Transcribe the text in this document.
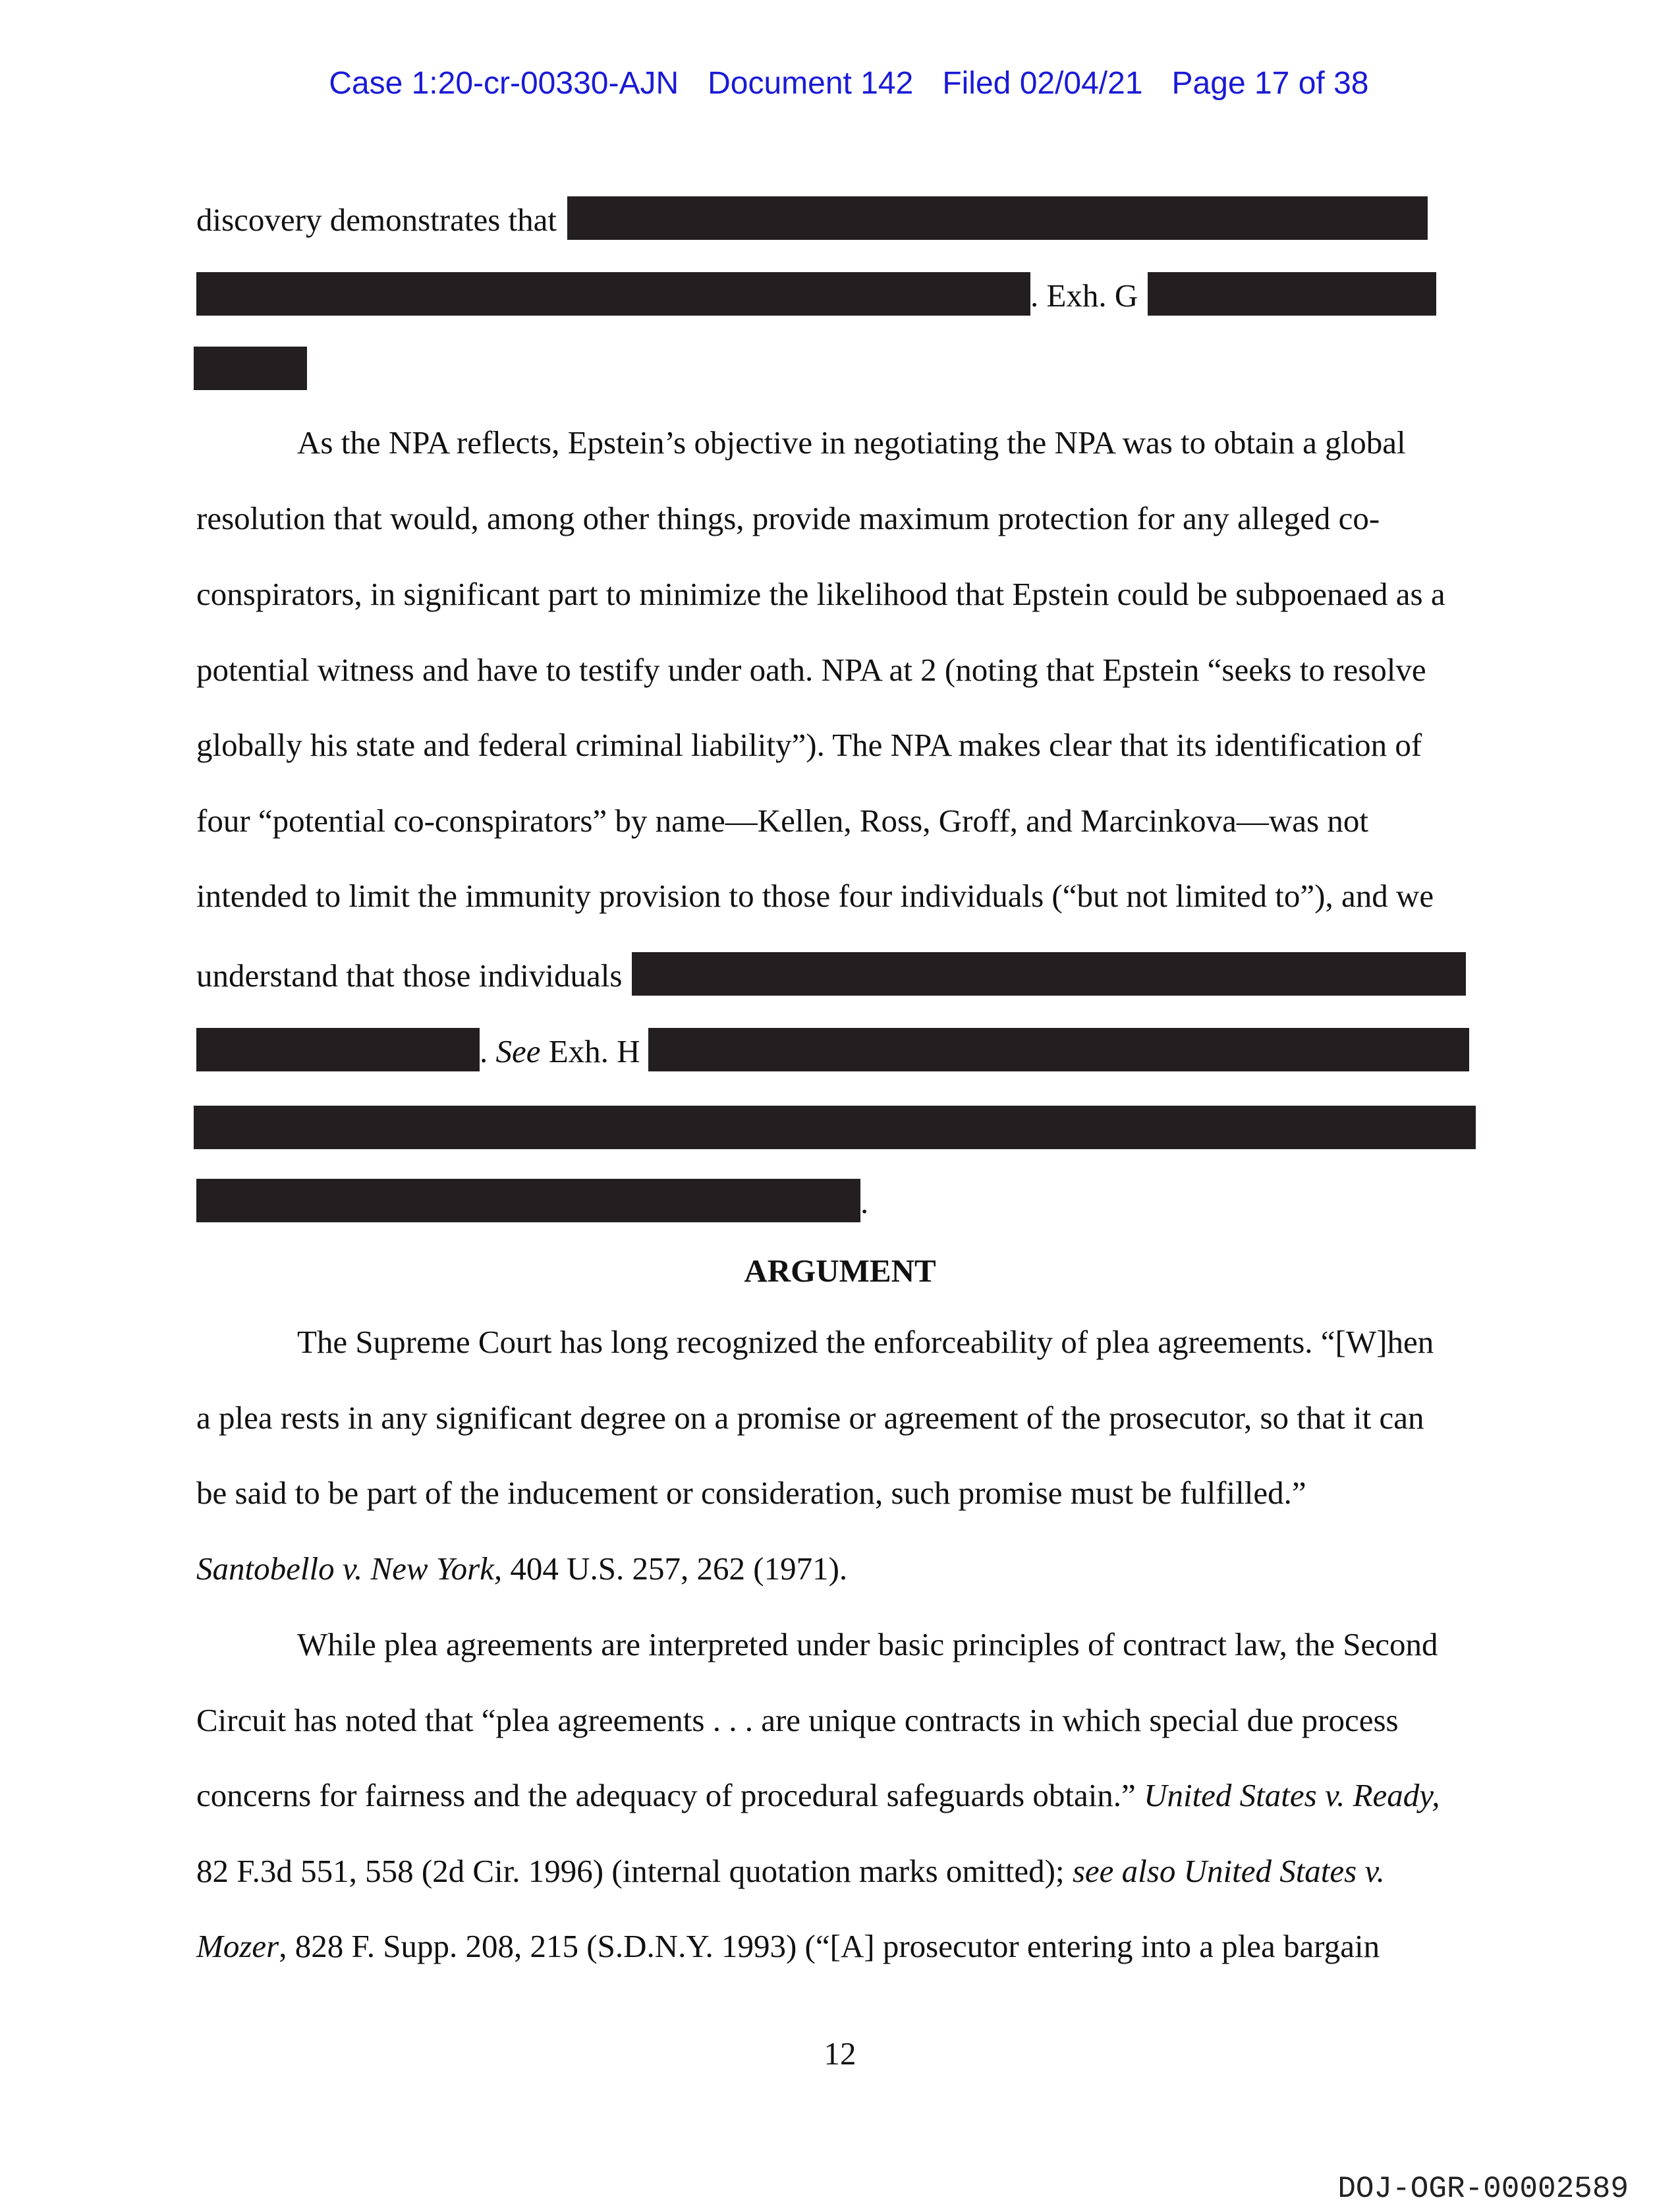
Case 1:20-cr-00330-AJN Document 142 Filed 02/04/21 Page 17 of 38

discovery demonstrates that
. Exh. G
As the NPA reflects, Epstein’s objective in negotiating the NPA was to obtain a global
resolution that would, among other things, provide maximum protection for any alleged co-
conspirators, in significant part to minimize the likelihood that Epstein could be subpoenaed as a
potential witness and have to testify under oath. NPA at 2 (noting that Epstein “seeks to resolve
globally his state and federal criminal liability”). The NPA makes clear that its identification of
four “potential co-conspirators” by name—Kellen, Ross, Groff, and Marcinkova—was not
intended to limit the immunity provision to those four individuals (“but not limited to”), and we
understand that those individuals
. See Exh. H
.
ARGUMENT
The Supreme Court has long recognized the enforceability of plea agreements. “[W]hen
a plea rests in any significant degree on a promise or agreement of the prosecutor, so that it can
be said to be part of the inducement or consideration, such promise must be fulfilled.”
Santobello v. New York, 404 U.S. 257, 262 (1971).
While plea agreements are interpreted under basic principles of contract law, the Second
Circuit has noted that “plea agreements . . . are unique contracts in which special due process
concerns for fairness and the adequacy of procedural safeguards obtain.” United States v. Ready,
82 F.3d 551, 558 (2d Cir. 1996) (internal quotation marks omitted); see also United States v.
Mozer, 828 F. Supp. 208, 215 (S.D.N.Y. 1993) (“[A] prosecutor entering into a plea bargain
12
DOJ-OGR-00002589
